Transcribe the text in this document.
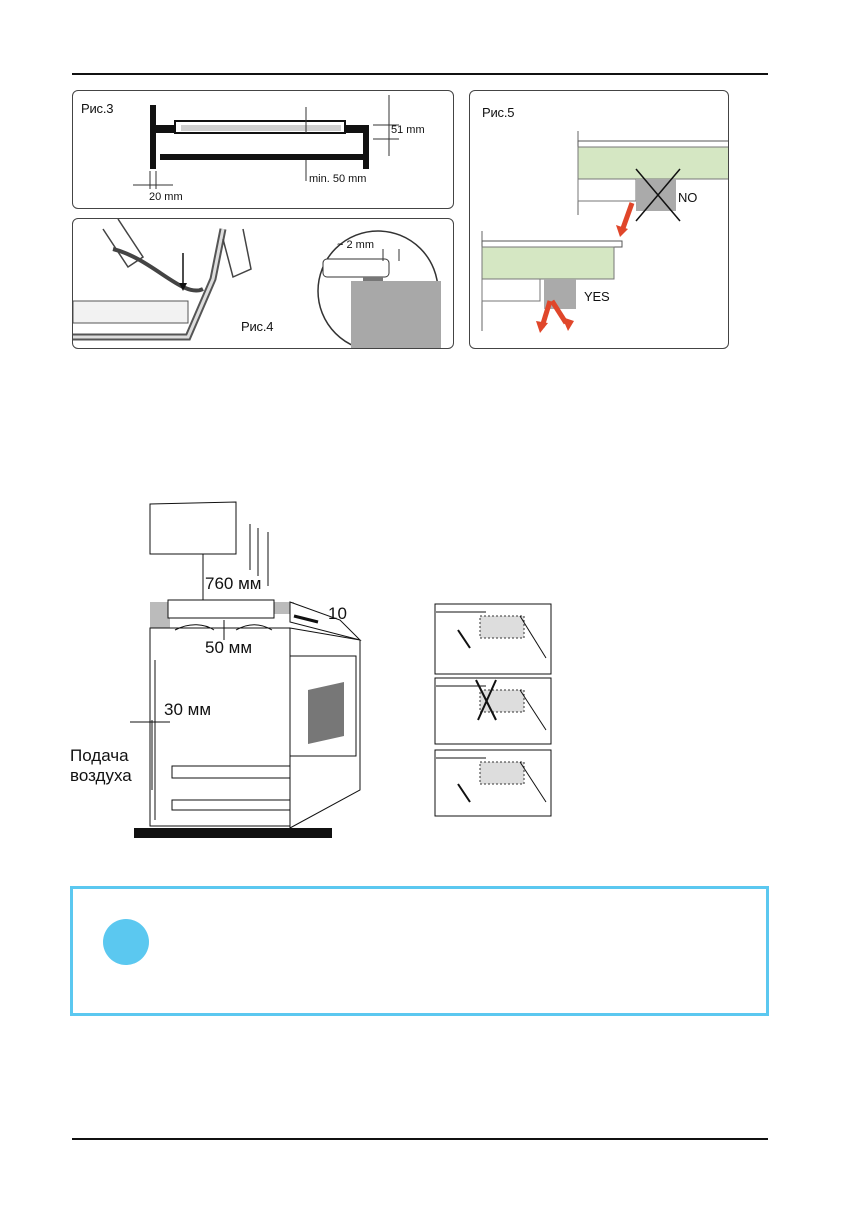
Рис.3
51 mm
min. 50 mm
20 mm
Рис.4
~ 2 mm
Рис.5
NO
YES
760 мм
10
50 мм
30 мм
Подача
воздуха
